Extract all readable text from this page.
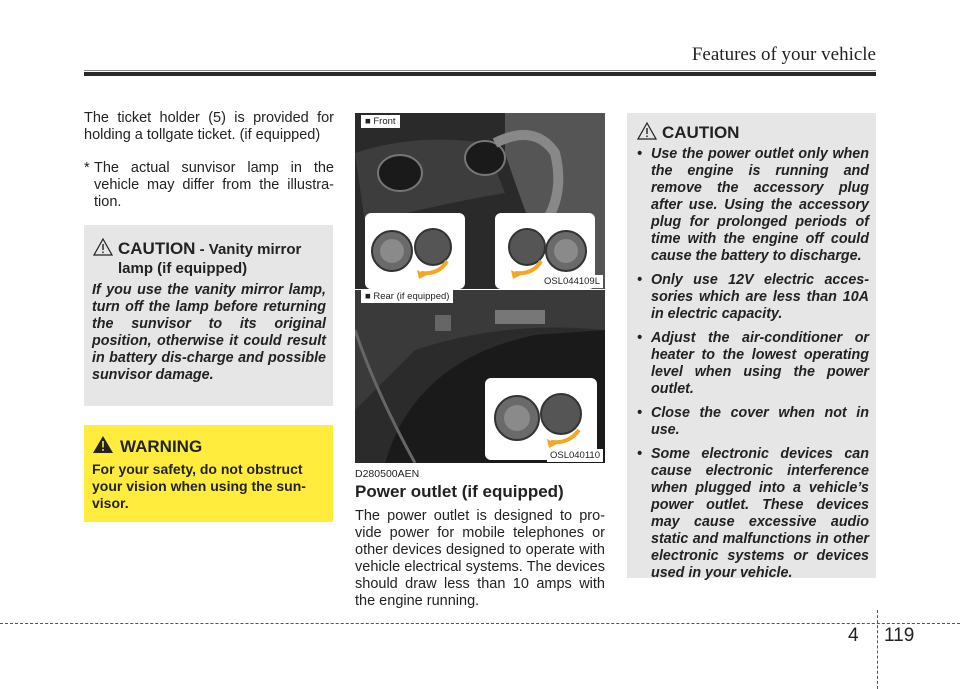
Features of your vehicle
The ticket holder (5) is provided for holding a tollgate ticket. (if equipped)
* The actual sunvisor lamp in the vehicle may differ from the illustra-tion.
CAUTION - Vanity mirror
lamp (if equipped)
If you use the vanity mirror lamp, turn off the lamp before returning the sunvisor to its original position, otherwise it could result in battery dis-charge and possible sunvisor damage.
WARNING
For your safety, do not obstruct your vision when using the sun-visor.
■ Front
OSL044109L
■ Rear (if equipped)
OSL040110
D280500AEN
Power outlet (if equipped)
The power outlet is designed to pro-vide power for mobile telephones or other devices designed to operate with vehicle electrical systems. The devices should draw less than 10 amps with the engine running.
CAUTION
• Use the power outlet only when the engine is running and remove the accessory plug after use. Using the accessory plug for prolonged periods of time with the engine off could cause the battery to discharge.
• Only use 12V electric acces-sories which are less than 10A in electric capacity.
• Adjust the air-conditioner or heater to the lowest operating level when using the power outlet.
• Close the cover when not in use.
• Some electronic devices can cause electronic interference when plugged into a vehicle’s power outlet. These devices may cause excessive audio static and malfunctions in other electronic systems or devices used in your vehicle.
4 119
